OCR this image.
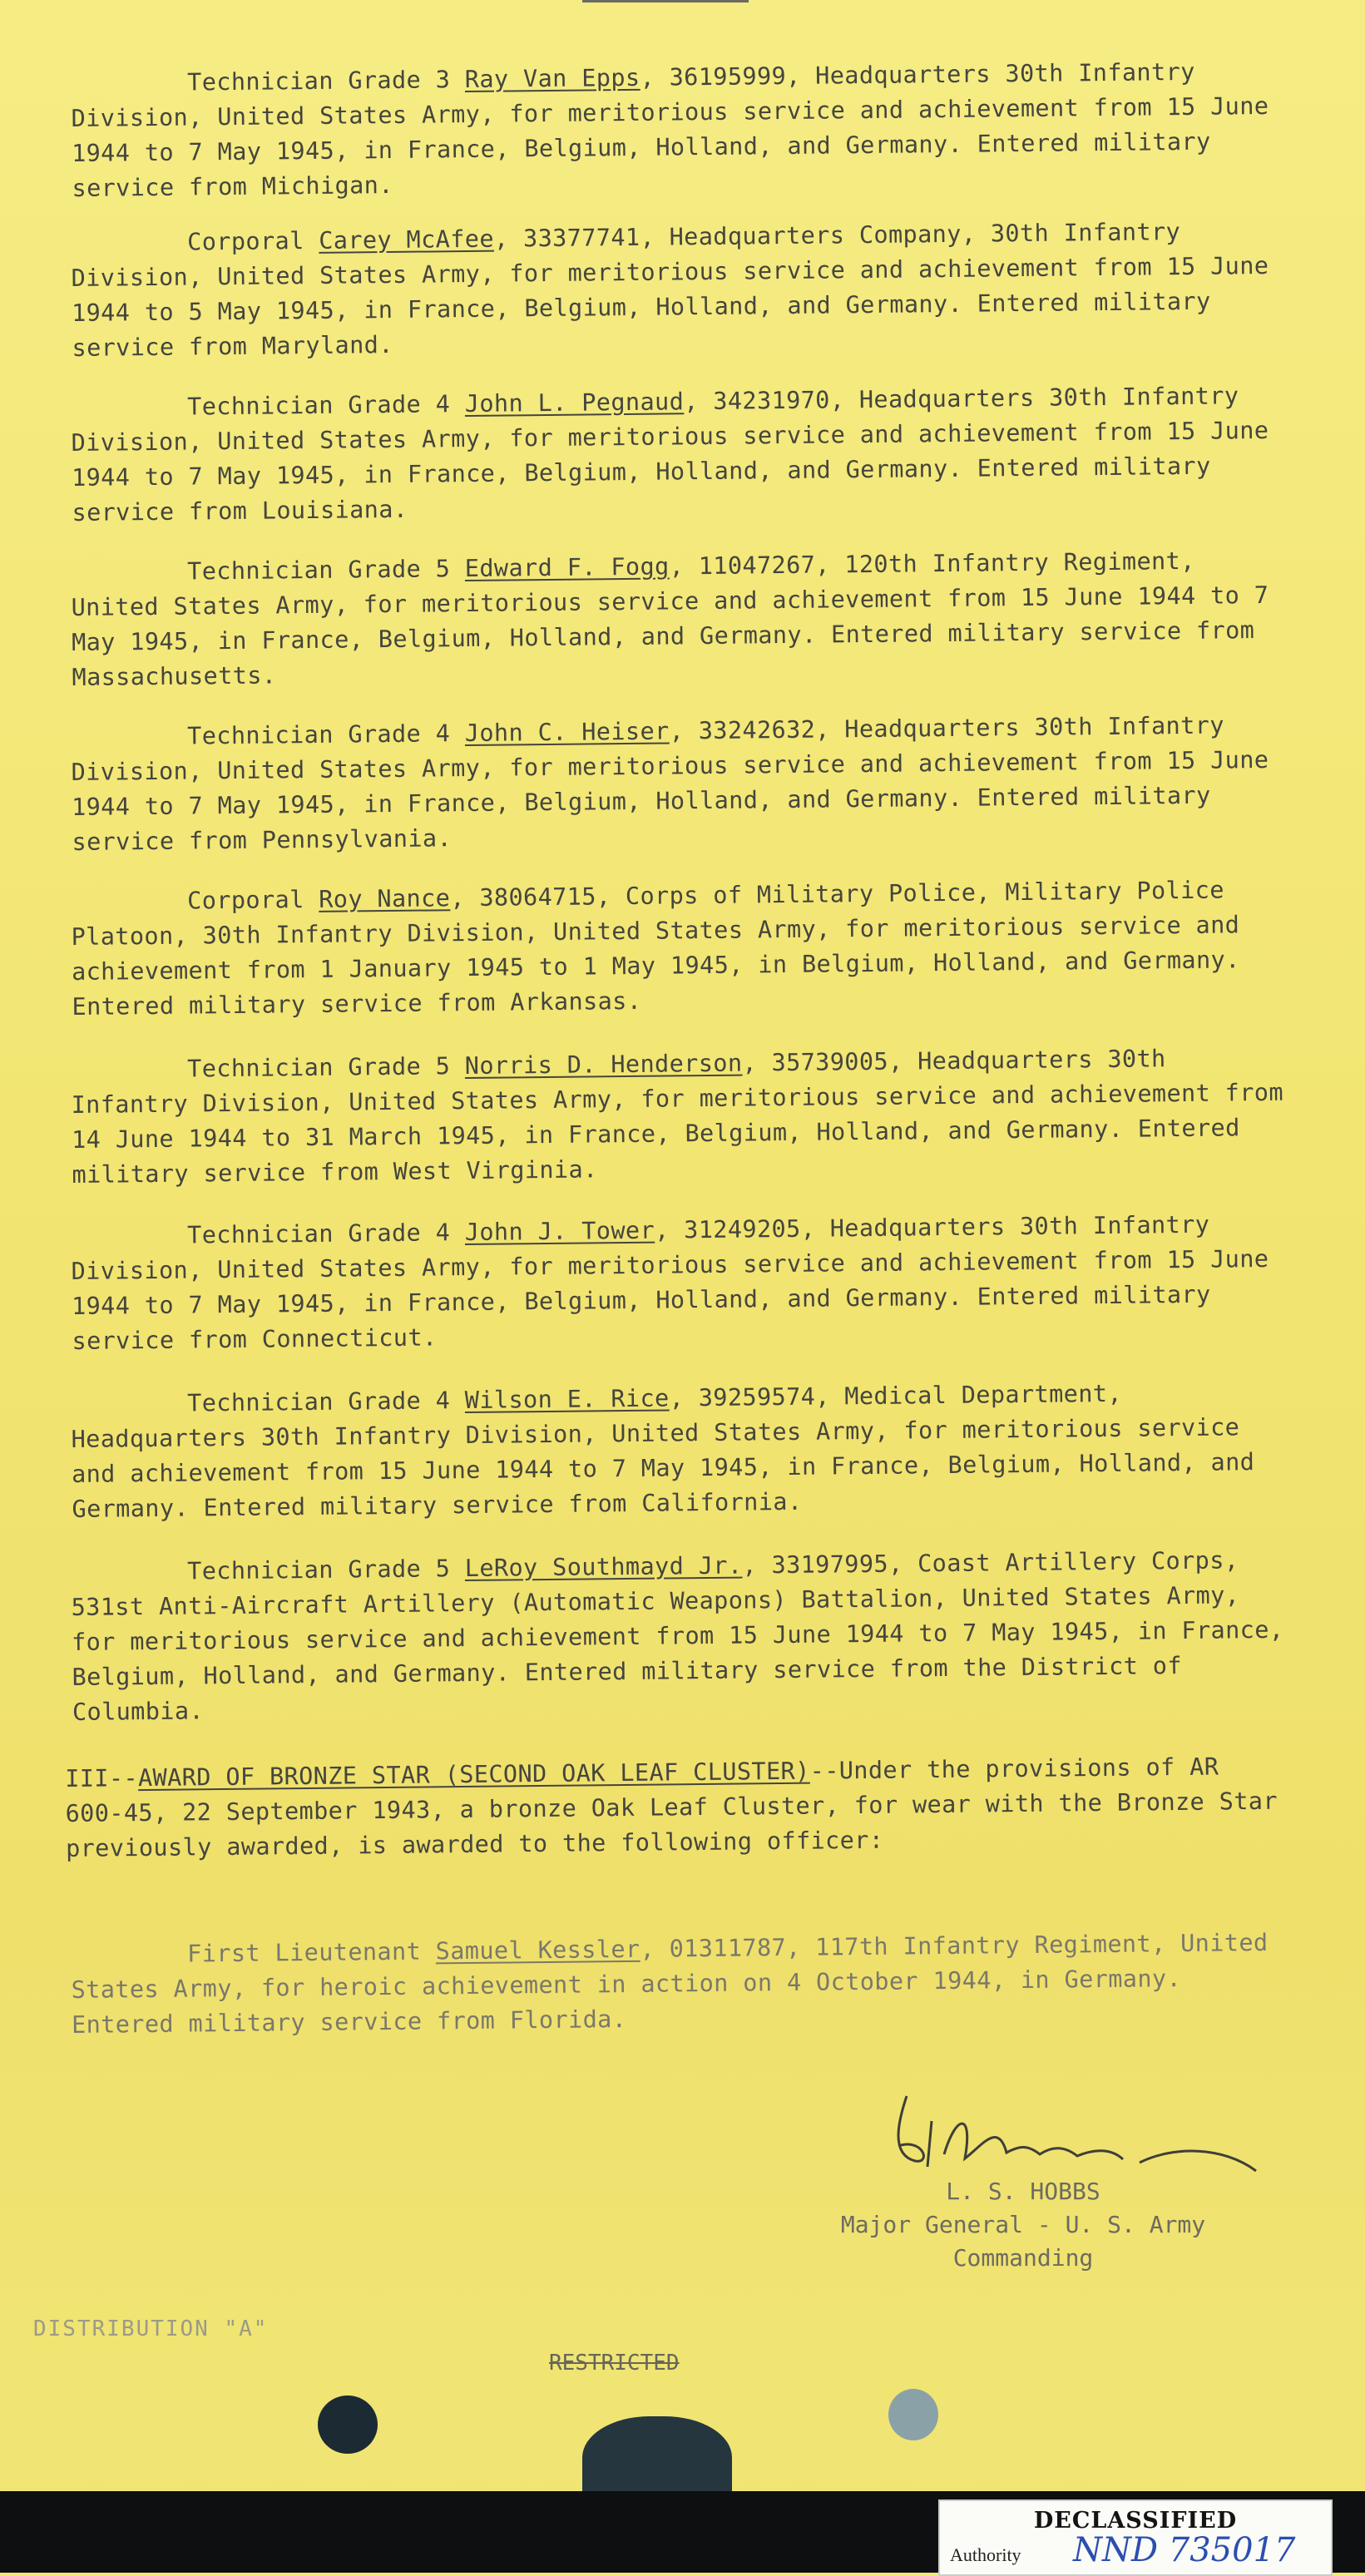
Technician Grade 3 Ray Van Epps, 36195999, Headquarters 30th Infantry Division, United States Army, for meritorious service and achievement from 15 June 1944 to 7 May 1945, in France, Belgium, Holland, and Germany. Entered military service from Michigan.
Corporal Carey McAfee, 33377741, Headquarters Company, 30th Infantry Division, United States Army, for meritorious service and achievement from 15 June 1944 to 5 May 1945, in France, Belgium, Holland, and Germany. Entered military service from Maryland.
Technician Grade 4 John L. Pegnaud, 34231970, Headquarters 30th Infantry Division, United States Army, for meritorious service and achievement from 15 June 1944 to 7 May 1945, in France, Belgium, Holland, and Germany. Entered military service from Louisiana.
Technician Grade 5 Edward F. Fogg, 11047267, 120th Infantry Regiment, United States Army, for meritorious service and achievement from 15 June 1944 to 7 May 1945, in France, Belgium, Holland, and Germany. Entered military service from Massachusetts.
Technician Grade 4 John C. Heiser, 33242632, Headquarters 30th Infantry Division, United States Army, for meritorious service and achievement from 15 June 1944 to 7 May 1945, in France, Belgium, Holland, and Germany. Entered military service from Pennsylvania.
Corporal Roy Nance, 38064715, Corps of Military Police, Military Police Platoon, 30th Infantry Division, United States Army, for meritorious service and achievement from 1 January 1945 to 1 May 1945, in Belgium, Holland, and Germany. Entered military service from Arkansas.
Technician Grade 5 Norris D. Henderson, 35739005, Headquarters 30th Infantry Division, United States Army, for meritorious service and achievement from 14 June 1944 to 31 March 1945, in France, Belgium, Holland, and Germany. Entered military service from West Virginia.
Technician Grade 4 John J. Tower, 31249205, Headquarters 30th Infantry Division, United States Army, for meritorious service and achievement from 15 June 1944 to 7 May 1945, in France, Belgium, Holland, and Germany. Entered military service from Connecticut.
Technician Grade 4 Wilson E. Rice, 39259574, Medical Department, Headquarters 30th Infantry Division, United States Army, for meritorious service and achievement from 15 June 1944 to 7 May 1945, in France, Belgium, Holland, and Germany. Entered military service from California.
Technician Grade 5 LeRoy Southmayd Jr., 33197995, Coast Artillery Corps, 531st Anti-Aircraft Artillery (Automatic Weapons) Battalion, United States Army, for meritorious service and achievement from 15 June 1944 to 7 May 1945, in France, Belgium, Holland, and Germany. Entered military service from the District of Columbia.
III--AWARD OF BRONZE STAR (SECOND OAK LEAF CLUSTER)--Under the provisions of AR 600-45, 22 September 1943, a bronze Oak Leaf Cluster, for wear with the Bronze Star previously awarded, is awarded to the following officer:
First Lieutenant Samuel Kessler, 01311787, 117th Infantry Regiment, United States Army, for heroic achievement in action on 4 October 1944, in Germany. Entered military service from Florida.
L. S. HOBBS
Major General - U. S. Army
Commanding
DISTRIBUTION "A"
RESTRICTED
DECLASSIFIED
Authority NND 735017
